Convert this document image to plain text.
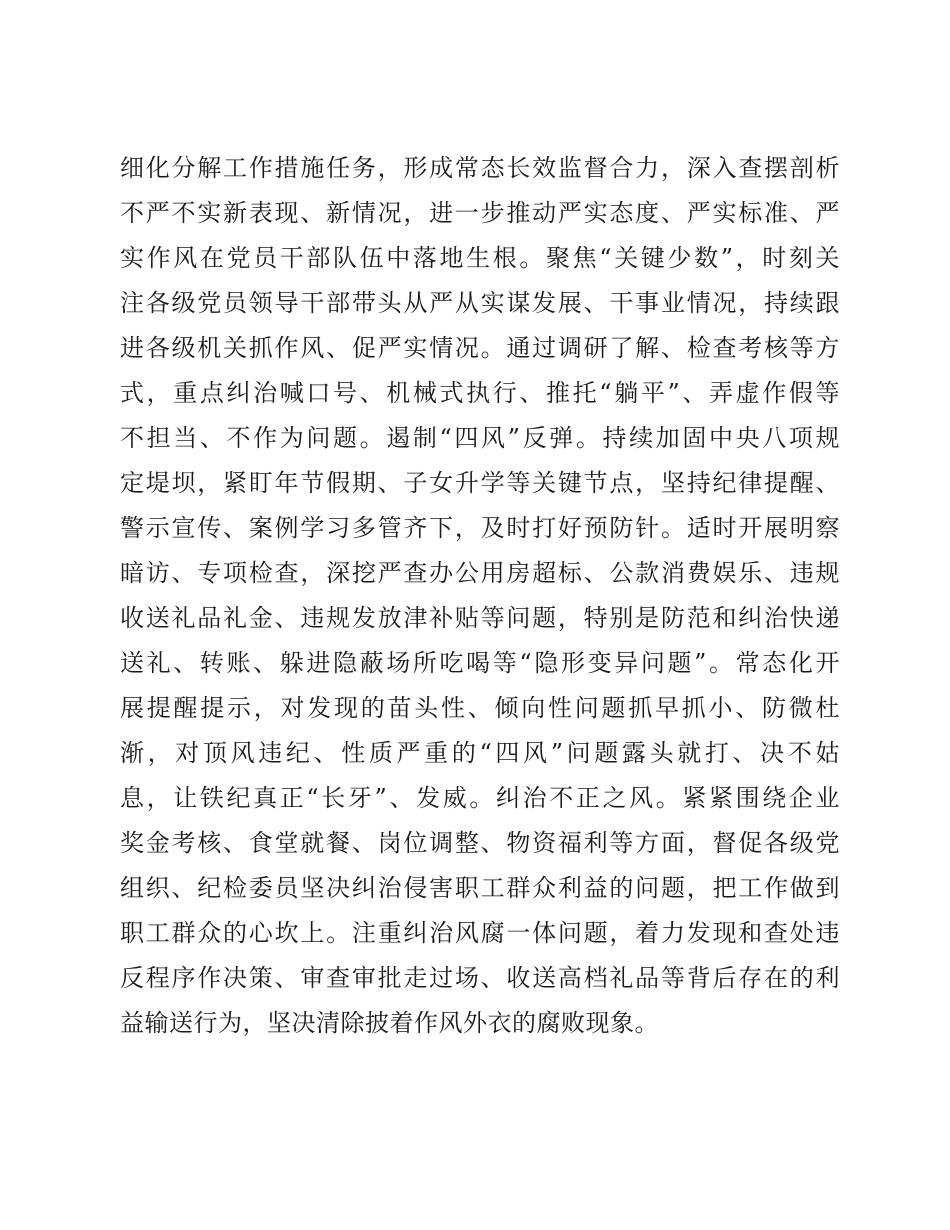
细化分解工作措施任务，形成常态长效监督合力，深入查摆剖析
不严不实新表现、新情况，进一步推动严实态度、严实标准、严
实作风在党员干部队伍中落地生根。聚焦“关键少数”，时刻关
注各级党员领导干部带头从严从实谋发展、干事业情况，持续跟
进各级机关抓作风、促严实情况。通过调研了解、检查考核等方
式，重点纠治喊口号、机械式执行、推托“躺平”、弄虚作假等
不担当、不作为问题。遏制“四风”反弹。持续加固中央八项规
定堤坝，紧盯年节假期、子女升学等关键节点，坚持纪律提醒、
警示宣传、案例学习多管齐下，及时打好预防针。适时开展明察
暗访、专项检查，深挖严查办公用房超标、公款消费娱乐、违规
收送礼品礼金、违规发放津补贴等问题，特别是防范和纠治快递
送礼、转账、躲进隐蔽场所吃喝等“隐形变异问题”。常态化开
展提醒提示，对发现的苗头性、倾向性问题抓早抓小、防微杜
渐，对顶风违纪、性质严重的“四风”问题露头就打、决不姑
息，让铁纪真正“长牙”、发威。纠治不正之风。紧紧围绕企业
奖金考核、食堂就餐、岗位调整、物资福利等方面，督促各级党
组织、纪检委员坚决纠治侵害职工群众利益的问题，把工作做到
职工群众的心坎上。注重纠治风腐一体问题，着力发现和查处违
反程序作决策、审查审批走过场、收送高档礼品等背后存在的利
益输送行为，坚决清除披着作风外衣的腐败现象。
